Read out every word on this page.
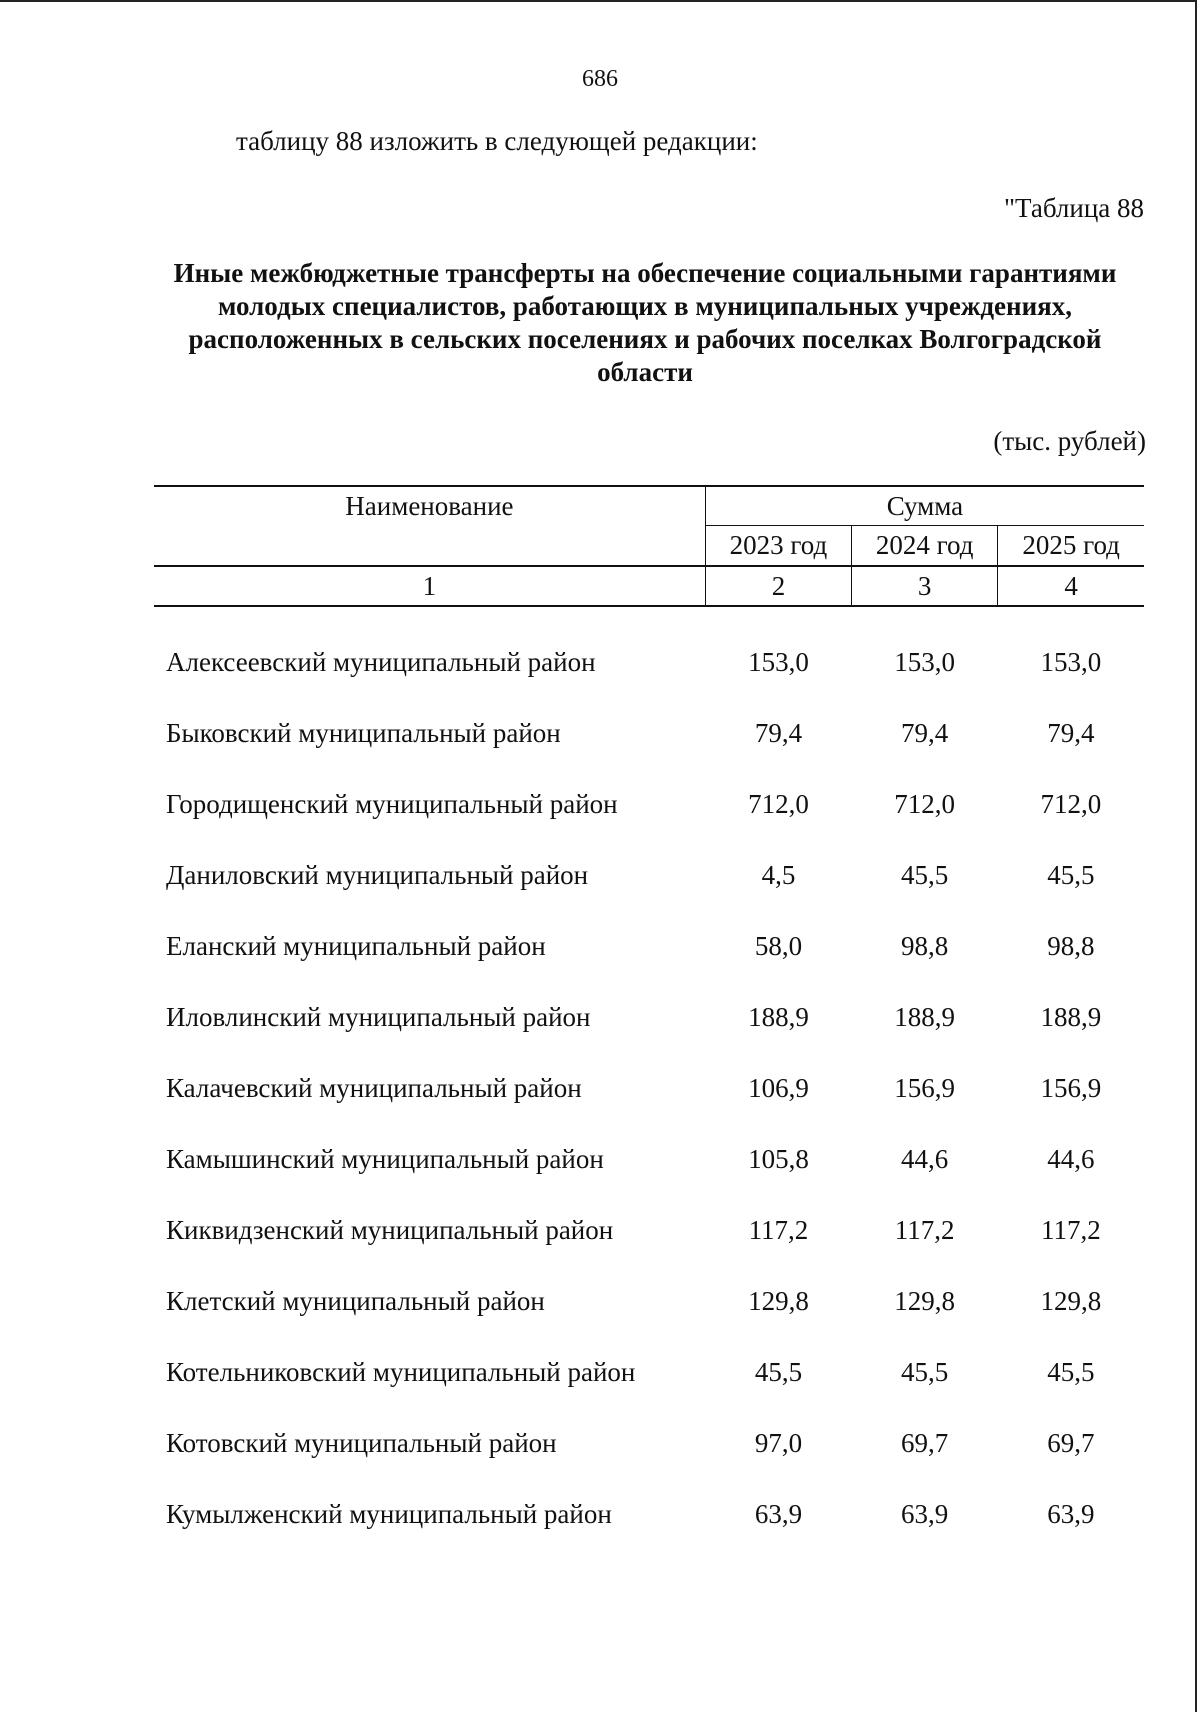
686
таблицу 88 изложить в следующей редакции:
"Таблица 88
Иные межбюджетные трансферты на обеспечение социальными гарантиями молодых специалистов, работающих в муниципальных учреждениях, расположенных в сельских поселениях и рабочих поселках Волгоградской области
(тыс. рублей)
Наименование	Сумма		
	2023 год	2024 год	2025 год
1	2	3	4

Алексеевский муниципальный район	153,0	153,0	153,0
Быковский муниципальный район	79,4	79,4	79,4
Городищенский муниципальный район	712,0	712,0	712,0
Даниловский муниципальный район	4,5	45,5	45,5
Еланский муниципальный район	58,0	98,8	98,8
Иловлинский муниципальный район	188,9	188,9	188,9
Калачевский муниципальный район	106,9	156,9	156,9
Камышинский муниципальный район	105,8	44,6	44,6
Киквидзенский муниципальный район	117,2	117,2	117,2
Клетский муниципальный район	129,8	129,8	129,8
Котельниковский муниципальный район	45,5	45,5	45,5
Котовский муниципальный район	97,0	69,7	69,7
Кумылженский муниципальный район	63,9	63,9	63,9
